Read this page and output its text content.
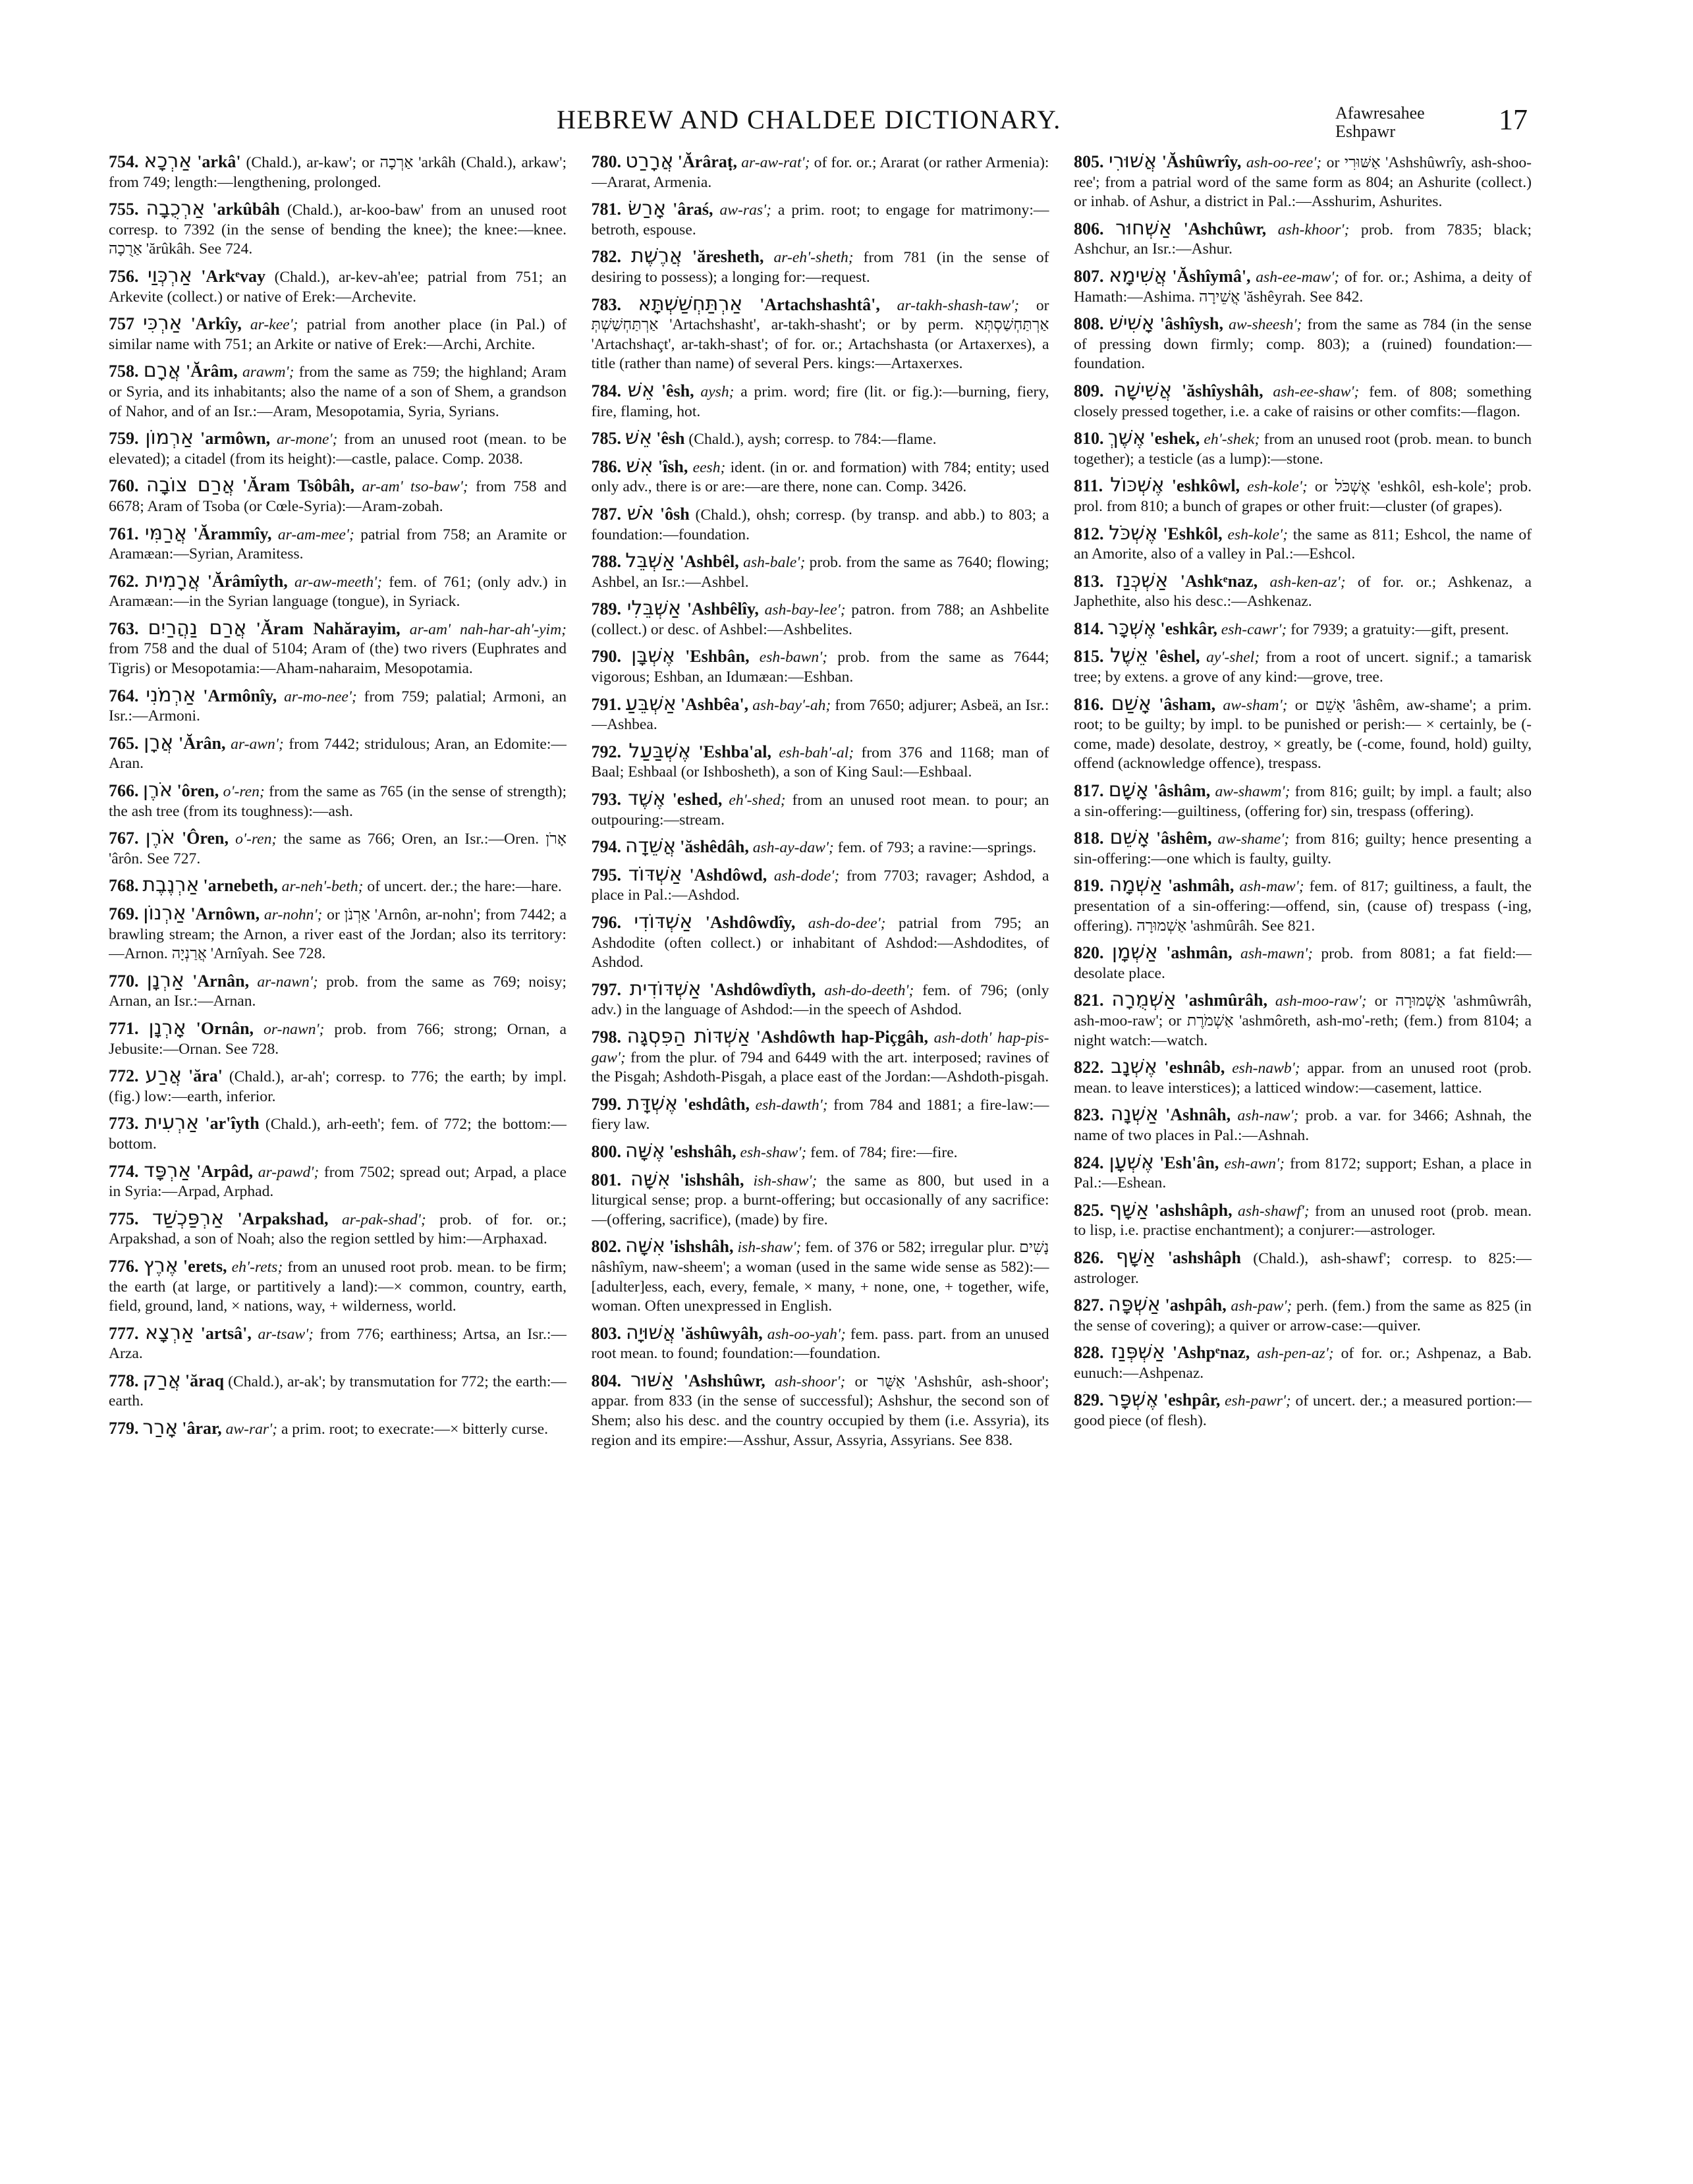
HEBREW AND CHALDEE DICTIONARY.	Afawresahee
Eshpawr	17

754. אַרְכָא 'arkâ' (Chald.), ar-kaw'; or אַרְכָה 'arkâh (Chald.), arkaw'; from 749; length:—lengthening, prolonged.

755. אַרְכֻבָה 'arkûbâh (Chald.), ar-koo-baw' from an unused root corresp. to 7392 (in the sense of bending the knee); the knee:—knee. אַרֻכָה 'ărûkâh. See 724.

756. אַרְכְּוַי 'Arkᵉvay (Chald.), ar-kev-ah'ee; patrial from 751; an Arkevite (collect.) or native of Erek:—Archevite.

757 אַרְכִּי 'Arkîy, ar-kee'; patrial from another place (in Pal.) of similar name with 751; an Arkite or native of Erek:—Archi, Archite.

758. אֲרָם 'Ărâm, arawm'; from the same as 759; the highland; Aram or Syria, and its inhabitants; also the name of a son of Shem, a grandson of Nahor, and of an Isr.:—Aram, Mesopotamia, Syria, Syrians.

759. אַרְמוֹן 'armôwn, ar-mone'; from an unused root (mean. to be elevated); a citadel (from its height):—castle, palace. Comp. 2038.

760. אֲרַם צוֹבָה 'Ăram Tsôbâh, ar-am' tso-baw'; from 758 and 6678; Aram of Tsoba (or Cœle-Syria):—Aram-zobah.

761. אֲרַמִּי 'Ărammîy, ar-am-mee'; patrial from 758; an Aramite or Aramæan:—Syrian, Aramitess.

762. אֲרָמִית 'Ărâmîyth, ar-aw-meeth'; fem. of 761; (only adv.) in Aramæan:—in the Syrian language (tongue), in Syriack.

763. אֲרַם נַהֲרַיִם 'Ăram Nahărayim, ar-am' nah-har-ah'-yim; from 758 and the dual of 5104; Aram of (the) two rivers (Euphrates and Tigris) or Mesopotamia:—Aham-naharaim, Mesopotamia.

764. אַרְמֹנִי 'Armônîy, ar-mo-nee'; from 759; palatial; Armoni, an Isr.:—Armoni.

765. אֲרָן 'Ărân, ar-awn'; from 7442; stridulous; Aran, an Edomite:—Aran.

766. אֹרֶן 'ôren, o'-ren; from the same as 765 (in the sense of strength); the ash tree (from its toughness):—ash.

767. אֹרֶן 'Ôren, o'-ren; the same as 766; Oren, an Isr.:—Oren. אָרֹן 'ârôn. See 727.

768. אַרְנֶבֶת 'arnebeth, ar-neh'-beth; of uncert. der.; the hare:—hare.

769. אַרְנוֹן 'Arnôwn, ar-nohn'; or אַרְנֹן 'Arnôn, ar-nohn'; from 7442; a brawling stream; the Arnon, a river east of the Jordan; also its territory:—Arnon. אֲרַנְיָה 'Arnîyah. See 728.

770. אַרְנָן 'Arnân, ar-nawn'; prob. from the same as 769; noisy; Arnan, an Isr.:—Arnan.

771. אָרְנָן 'Ornân, or-nawn'; prob. from 766; strong; Ornan, a Jebusite:—Ornan. See 728.

772. אֲרַע 'ăra' (Chald.), ar-ah'; corresp. to 776; the earth; by impl. (fig.) low:—earth, inferior.

773. אַרְעִית 'ar'îyth (Chald.), arh-eeth'; fem. of 772; the bottom:—bottom.

774. אַרְפָּד 'Arpâd, ar-pawd'; from 7502; spread out; Arpad, a place in Syria:—Arpad, Arphad.

775. אַרְפַּכְשַׁד 'Arpakshad, ar-pak-shad'; prob. of for. or.; Arpakshad, a son of Noah; also the region settled by him:—Arphaxad.

776. אֶרֶץ 'erets, eh'-rets; from an unused root prob. mean. to be firm; the earth (at large, or partitively a land):—× common, country, earth, field, ground, land, × nations, way, + wilderness, world.

777. אַרְצָא 'artsâ', ar-tsaw'; from 776; earthiness; Artsa, an Isr.:—Arza.

778. אֲרַק 'ăraq (Chald.), ar-ak'; by transmutation for 772; the earth:—earth.

779. אָרַר 'ârar, aw-rar'; a prim. root; to execrate:—× bitterly curse.

780. אֲרָרַט 'Ărâraṭ, ar-aw-rat'; of for. or.; Ararat (or rather Armenia):—Ararat, Armenia.

781. אָרַשׂ 'âraś, aw-ras'; a prim. root; to engage for matrimony:—betroth, espouse.

782. אֲרֶשֶׁת 'ăresheth, ar-eh'-sheth; from 781 (in the sense of desiring to possess); a longing for:—request.

783. אַרְתַּחְשַׁשְׁתָּא 'Artachshashtâ', ar-takh-shash-taw'; or אַרְתַּחְשַׁשְׁתְּ 'Artachshasht', ar-takh-shasht'; or by perm. אַרְתַּחְשַׁסְתְּא 'Artachshaçt', ar-takh-shast'; of for. or.; Artachshasta (or Artaxerxes), a title (rather than name) of several Pers. kings:—Artaxerxes.

784. אֵשׁ 'êsh, aysh; a prim. word; fire (lit. or fig.):—burning, fiery, fire, flaming, hot.

785. אֵשׁ 'êsh (Chald.), aysh; corresp. to 784:—flame.

786. אִשׁ 'îsh, eesh; ident. (in or. and formation) with 784; entity; used only adv., there is or are:—are there, none can. Comp. 3426.

787. אֹשׁ 'ôsh (Chald.), ohsh; corresp. (by transp. and abb.) to 803; a foundation:—foundation.

788. אַשְׁבֵּל 'Ashbêl, ash-bale'; prob. from the same as 7640; flowing; Ashbel, an Isr.:—Ashbel.

789. אַשְׁבֵּלִי 'Ashbêlîy, ash-bay-lee'; patron. from 788; an Ashbelite (collect.) or desc. of Ashbel:—Ashbelites.

790. אֶשְׁבָּן 'Eshbân, esh-bawn'; prob. from the same as 7644; vigorous; Eshban, an Idumæan:—Eshban.

791. אַשְׁבֵּעַ 'Ashbêa', ash-bay'-ah; from 7650; adjurer; Asbeä, an Isr.:—Ashbea.

792. אֶשְׁבַּעַל 'Eshba'al, esh-bah'-al; from 376 and 1168; man of Baal; Eshbaal (or Ishbosheth), a son of King Saul:—Eshbaal.

793. אֶשֶׁד 'eshed, eh'-shed; from an unused root mean. to pour; an outpouring:—stream.

794. אֲשֵׁדָה 'ăshêdâh, ash-ay-daw'; fem. of 793; a ravine:—springs.

795. אַשְׁדּוֹד 'Ashdôwd, ash-dode'; from 7703; ravager; Ashdod, a place in Pal.:—Ashdod.

796. אַשְׁדּוֹדִי 'Ashdôwdîy, ash-do-dee'; patrial from 795; an Ashdodite (often collect.) or inhabitant of Ashdod:—Ashdodites, of Ashdod.

797. אַשְׁדּוֹדִית 'Ashdôwdîyth, ash-do-deeth'; fem. of 796; (only adv.) in the language of Ashdod:—in the speech of Ashdod.

798. אַשְׁדּוֹת הַפִּסְגָּה 'Ashdôwth hap-Piçgâh, ash-doth' hap-pis-gaw'; from the plur. of 794 and 6449 with the art. interposed; ravines of the Pisgah; Ashdoth-Pisgah, a place east of the Jordan:—Ashdoth-pisgah.

799. אֶשְׁדָּת 'eshdâth, esh-dawth'; from 784 and 1881; a fire-law:—fiery law.

800. אֶשָּׁה 'eshshâh, esh-shaw'; fem. of 784; fire:—fire.

801. אִשָּׁה 'ishshâh, ish-shaw'; the same as 800, but used in a liturgical sense; prop. a burnt-offering; but occasionally of any sacrifice:—(offering, sacrifice), (made) by fire.

802. אִשָּׁה 'ishshâh, ish-shaw'; fem. of 376 or 582; irregular plur. נָשִׁים nâshîym, naw-sheem'; a woman (used in the same wide sense as 582):—[adulter]ess, each, every, female, × many, + none, one, + together, wife, woman. Often unexpressed in English.

803. אֲשׁוּיָה 'ăshûwyâh, ash-oo-yah'; fem. pass. part. from an unused root mean. to found; foundation:—foundation.

804. אַשּׁוּר 'Ashshûwr, ash-shoor'; or אַשֻּׁר 'Ashshûr, ash-shoor'; appar. from 833 (in the sense of successful); Ashshur, the second son of Shem; also his desc. and the country occupied by them (i.e. Assyria), its region and its empire:—Asshur, Assur, Assyria, Assyrians. See 838.

805. אֲשׁוּרִי 'Ăshûwrîy, ash-oo-ree'; or אַשּׁוּרִי 'Ashshûwrîy, ash-shoo-ree'; from a patrial word of the same form as 804; an Ashurite (collect.) or inhab. of Ashur, a district in Pal.:—Asshurim, Ashurites.

806. אַשְׁחוּר 'Ashchûwr, ash-khoor'; prob. from 7835; black; Ashchur, an Isr.:—Ashur.

807. אֲשִׁימָא 'Ăshîymâ', ash-ee-maw'; of for. or.; Ashima, a deity of Hamath:—Ashima. אֲשֵׁירָה 'ăshêyrah. See 842.

808. אָשִׁישׁ 'âshîysh, aw-sheesh'; from the same as 784 (in the sense of pressing down firmly; comp. 803); a (ruined) foundation:—foundation.

809. אֲשִׁישָׁה 'ăshîyshâh, ash-ee-shaw'; fem. of 808; something closely pressed together, i.e. a cake of raisins or other comfits:—flagon.

810. אֶשֶׁךְ 'eshek, eh'-shek; from an unused root (prob. mean. to bunch together); a testicle (as a lump):—stone.

811. אֶשְׁכּוֹל 'eshkôwl, esh-kole'; or אֶשְׁכֹּל 'eshkôl, esh-kole'; prob. prol. from 810; a bunch of grapes or other fruit:—cluster (of grapes).

812. אֶשְׁכֹּל 'Eshkôl, esh-kole'; the same as 811; Eshcol, the name of an Amorite, also of a valley in Pal.:—Eshcol.

813. אַשְׁכְּנַז 'Ashkᵉnaz, ash-ken-az'; of for. or.; Ashkenaz, a Japhethite, also his desc.:—Ashkenaz.

814. אֶשְׁכָּר 'eshkâr, esh-cawr'; for 7939; a gratuity:—gift, present.

815. אֵשֶׁל 'êshel, ay'-shel; from a root of uncert. signif.; a tamarisk tree; by extens. a grove of any kind:—grove, tree.

816. אָשַׁם 'âsham, aw-sham'; or אָשֵׁם 'âshêm, aw-shame'; a prim. root; to be guilty; by impl. to be punished or perish:— × certainly, be (-come, made) desolate, destroy, × greatly, be (-come, found, hold) guilty, offend (acknowledge offence), trespass.

817. אָשָׁם 'âshâm, aw-shawm'; from 816; guilt; by impl. a fault; also a sin-offering:—guiltiness, (offering for) sin, trespass (offering).

818. אָשֵׁם 'âshêm, aw-shame'; from 816; guilty; hence presenting a sin-offering:—one which is faulty, guilty.

819. אַשְׁמָה 'ashmâh, ash-maw'; fem. of 817; guiltiness, a fault, the presentation of a sin-offering:—offend, sin, (cause of) trespass (-ing, offering). אַשְׁמוּרָה 'ashmûrâh. See 821.

820. אַשְׁמָן 'ashmân, ash-mawn'; prob. from 8081; a fat field:—desolate place.

821. אַשְׁמֻרָה 'ashmûrâh, ash-moo-raw'; or אַשְׁמוּרָה 'ashmûwrâh, ash-moo-raw'; or אַשְׁמֹרֶת 'ashmôreth, ash-mo'-reth; (fem.) from 8104; a night watch:—watch.

822. אֶשְׁנָב 'eshnâb, esh-nawb'; appar. from an unused root (prob. mean. to leave interstices); a latticed window:—casement, lattice.

823. אַשְׁנָה 'Ashnâh, ash-naw'; prob. a var. for 3466; Ashnah, the name of two places in Pal.:—Ashnah.

824. אֶשְׁעָן 'Esh'ân, esh-awn'; from 8172; support; Eshan, a place in Pal.:—Eshean.

825. אַשָּׁף 'ashshâph, ash-shawf'; from an unused root (prob. mean. to lisp, i.e. practise enchantment); a conjurer:—astrologer.

826. אַשָּׁף 'ashshâph (Chald.), ash-shawf'; corresp. to 825:—astrologer.

827. אַשְׁפָּה 'ashpâh, ash-paw'; perh. (fem.) from the same as 825 (in the sense of covering); a quiver or arrow-case:—quiver.

828. אַשְׁפְּנַז 'Ashpᵉnaz, ash-pen-az'; of for. or.; Ashpenaz, a Bab. eunuch:—Ashpenaz.

829. אֶשְׁפָּר 'eshpâr, esh-pawr'; of uncert. der.; a measured portion:—good piece (of flesh).
